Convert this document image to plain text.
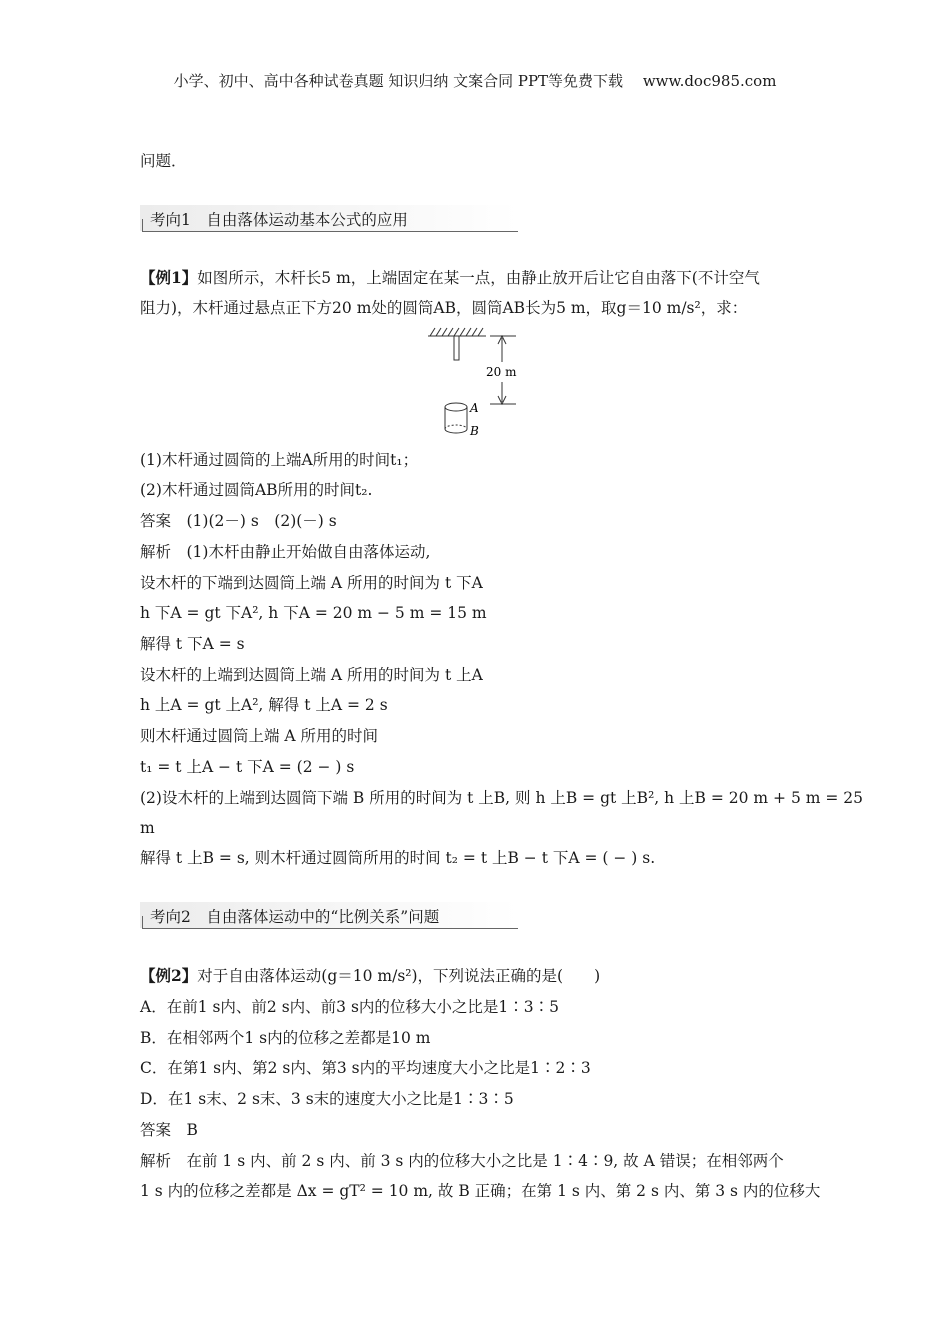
小学、初中、高中各种试卷真题 知识归纳 文案合同 PPT等免费下载　 www.doc985.com
问题．
考向1　自由落体运动基本公式的应用
【例1】如图所示，木杆长5 m，上端固定在某一点，由静止放开后让它自由落下(不计空气
阻力)，木杆通过悬点正下方20 m处的圆筒AB，圆筒AB长为5 m，取g＝10 m/s²，求：
20 m
A
B
(1)木杆通过圆筒的上端A所用的时间t₁；
(2)木杆通过圆筒AB所用的时间t₂.
答案　(1)(2－) s　(2)(－) s
解析　(1)木杆由静止开始做自由落体运动,
设木杆的下端到达圆筒上端 A 所用的时间为 t 下A
h 下A = gt 下A², h 下A = 20 m − 5 m = 15 m
解得 t 下A = s
设木杆的上端到达圆筒上端 A 所用的时间为 t 上A
h 上A = gt 上A², 解得 t 上A = 2 s
则木杆通过圆筒上端 A 所用的时间
t₁ = t 上A − t 下A = (2 − ) s
(2)设木杆的上端到达圆筒下端 B 所用的时间为 t 上B, 则 h 上B = gt 上B², h 上B = 20 m + 5 m = 25
m
解得 t 上B = s, 则木杆通过圆筒所用的时间 t₂ = t 上B − t 下A = ( − ) s.
考向2　自由落体运动中的“比例关系”问题
【例2】对于自由落体运动(g＝10 m/s²)，下列说法正确的是(　　)
A．在前1 s内、前2 s内、前3 s内的位移大小之比是1∶3∶5
B．在相邻两个1 s内的位移之差都是10 m
C．在第1 s内、第2 s内、第3 s内的平均速度大小之比是1∶2∶3
D．在1 s末、2 s末、3 s末的速度大小之比是1∶3∶5
答案　B
解析　在前 1 s 内、前 2 s 内、前 3 s 内的位移大小之比是 1∶4∶9, 故 A 错误；在相邻两个
1 s 内的位移之差都是 Δx = gT² = 10 m, 故 B 正确；在第 1 s 内、第 2 s 内、第 3 s 内的位移大
